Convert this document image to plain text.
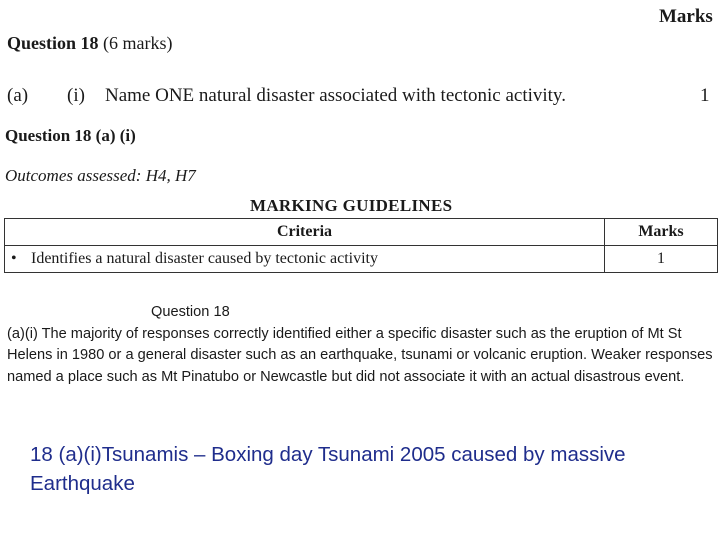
Marks
Question 18 (6 marks)
(a) (i) Name ONE natural disaster associated with tectonic activity.	1
Question 18 (a) (i)
Outcomes assessed: H4, H7
MARKING GUIDELINES
Criteria	Marks
• Identifies a natural disaster caused by tectonic activity	1
Question 18
(a)(i) The majority of responses correctly identified either a specific disaster such as the eruption of Mt St Helens in 1980 or a general disaster such as an earthquake, tsunami or volcanic eruption. Weaker responses named a place such as Mt Pinatubo or Newcastle but did not associate it with an actual disastrous event.
18 (a)(i)Tsunamis – Boxing day Tsunami 2005 caused by massive Earthquake
